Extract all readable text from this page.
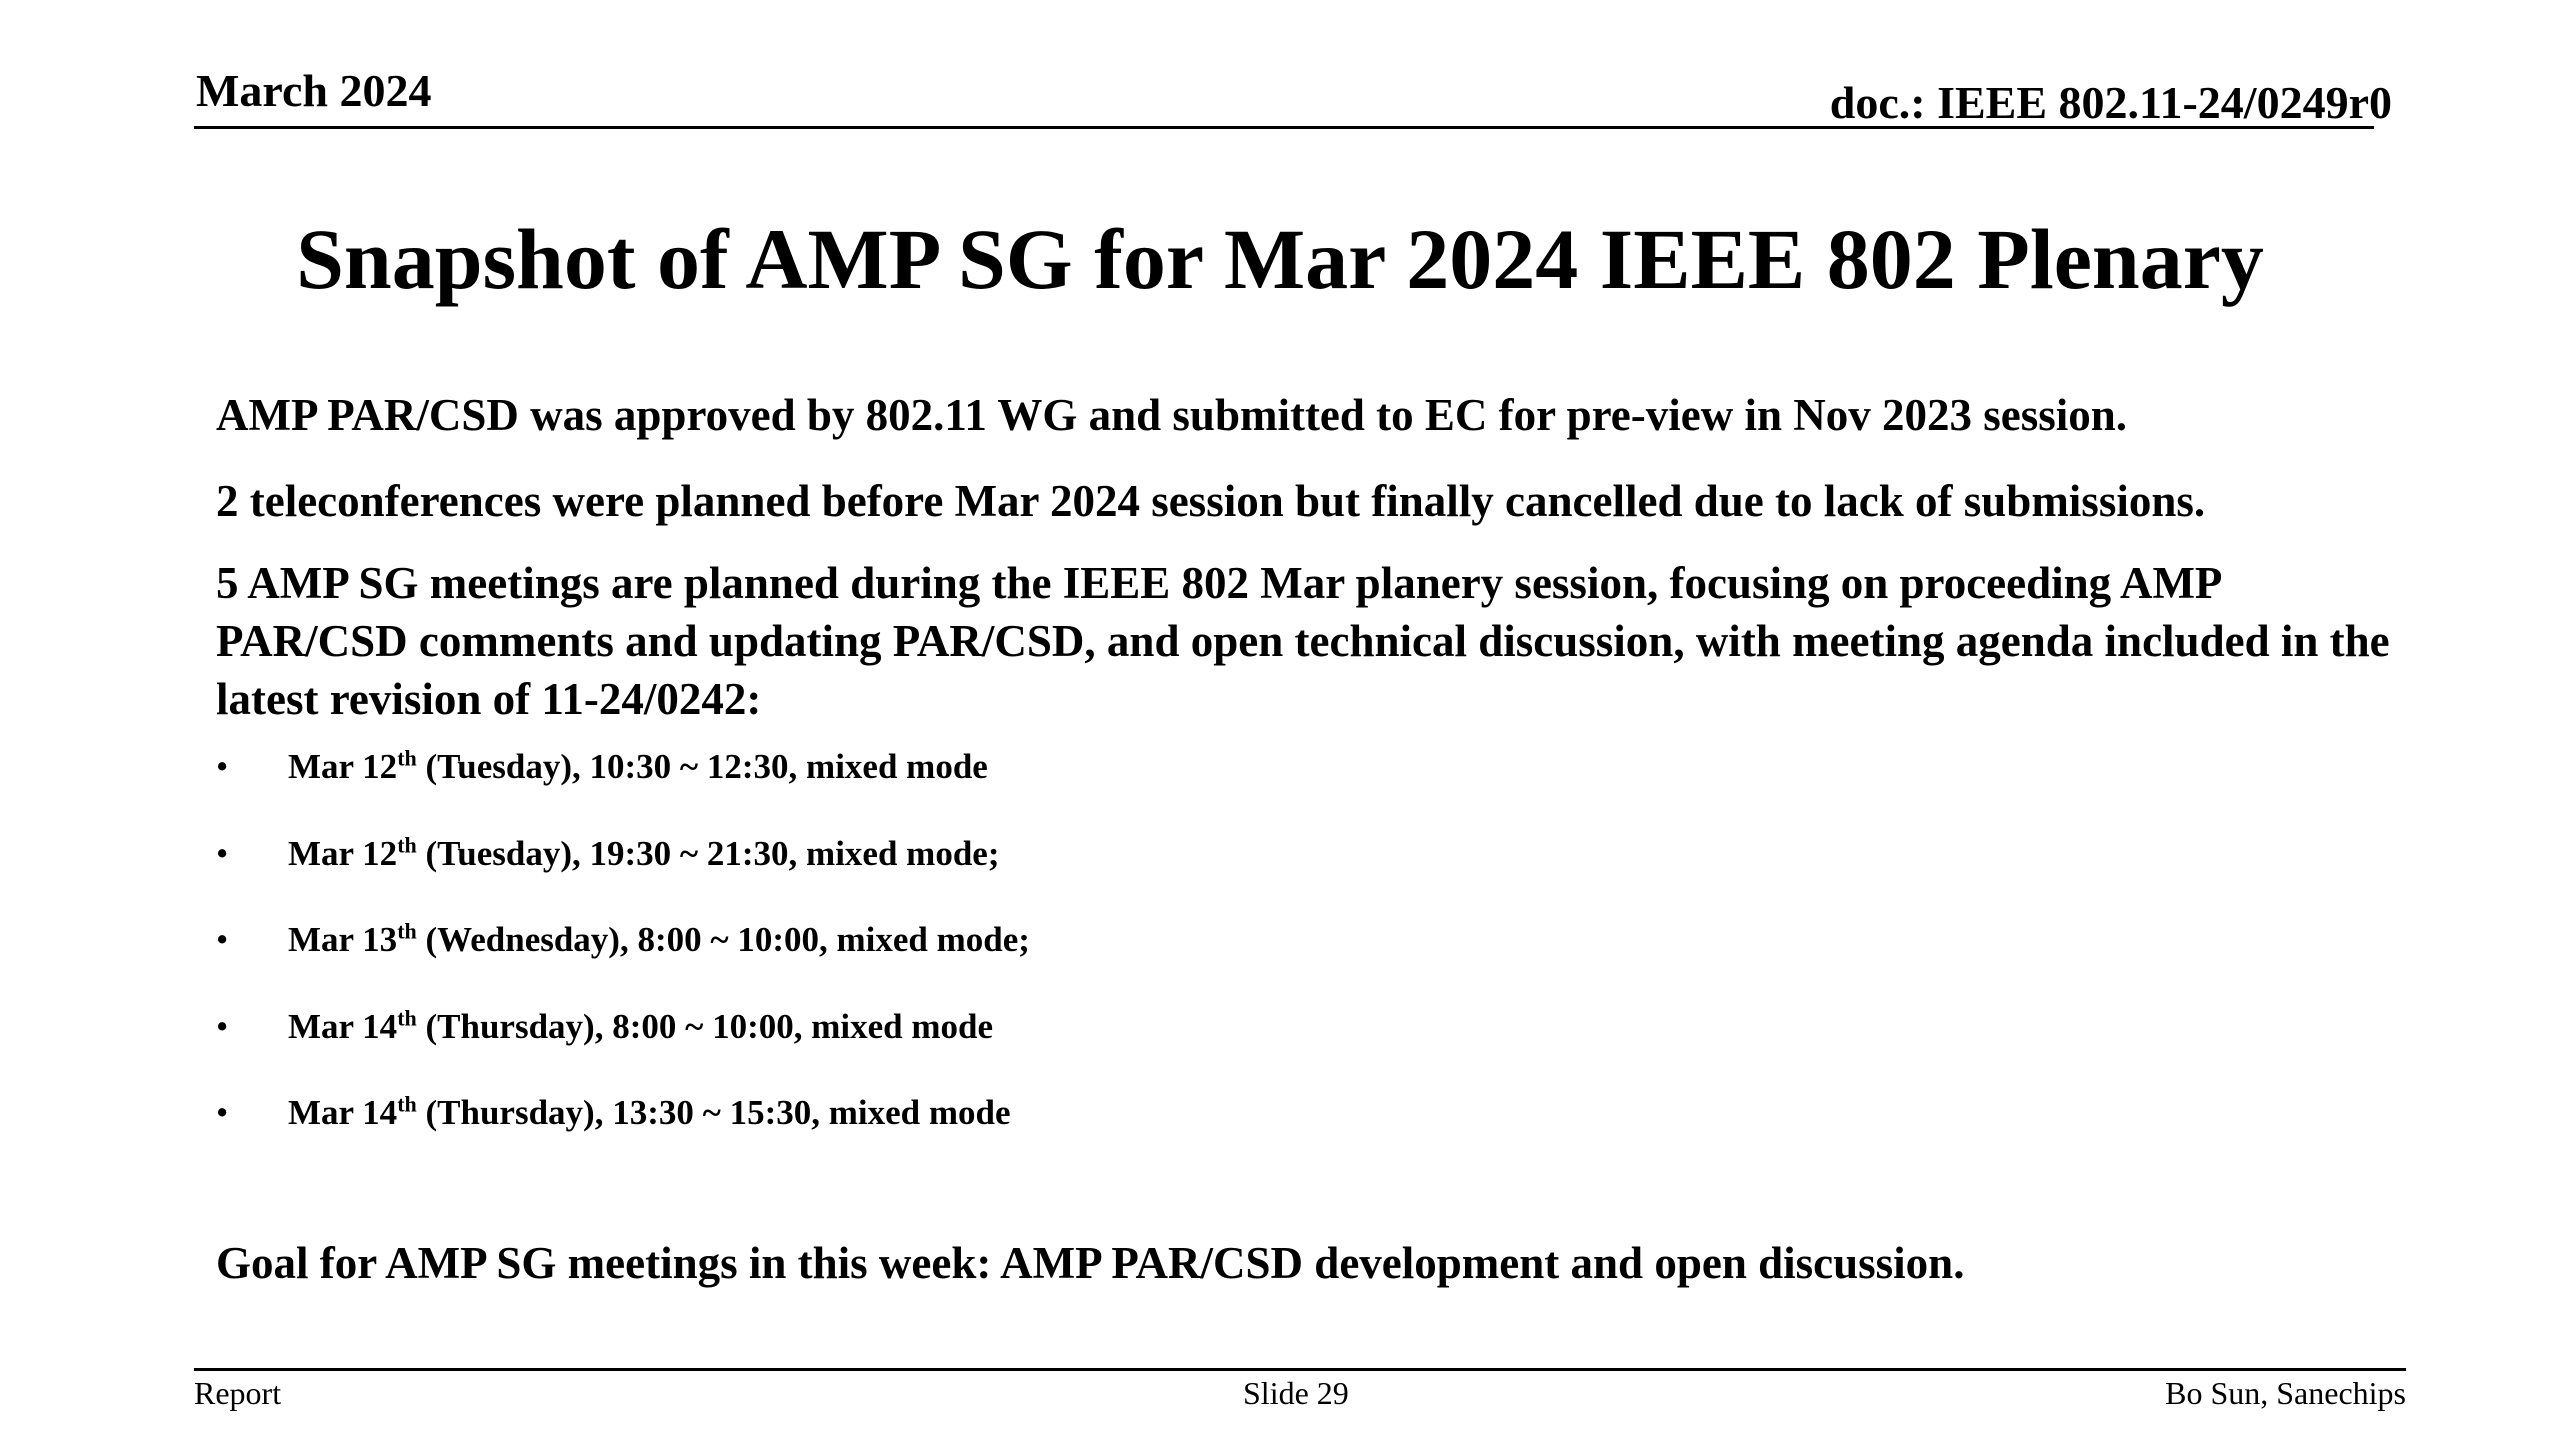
March 2024	doc.: IEEE 802.11-24/0249r0
Snapshot of AMP SG for Mar 2024 IEEE 802 Plenary
AMP PAR/CSD was approved by 802.11 WG and submitted to EC for pre-view in Nov 2023 session.
2 teleconferences were planned before Mar 2024 session but finally cancelled due to lack of submissions.
5 AMP SG meetings are planned during the IEEE 802 Mar planery session, focusing on proceeding AMP PAR/CSD comments and updating PAR/CSD, and open technical discussion, with meeting agenda included in the latest revision of 11-24/0242:
• Mar 12th (Tuesday), 10:30 ~ 12:30, mixed mode
• Mar 12th (Tuesday), 19:30 ~ 21:30, mixed mode;
• Mar 13th (Wednesday), 8:00 ~ 10:00, mixed mode;
• Mar 14th (Thursday), 8:00 ~ 10:00, mixed mode
• Mar 14th (Thursday), 13:30 ~ 15:30, mixed mode
Goal for AMP SG meetings in this week: AMP PAR/CSD development and open discussion.
Report	Slide 29	Bo Sun, Sanechips
